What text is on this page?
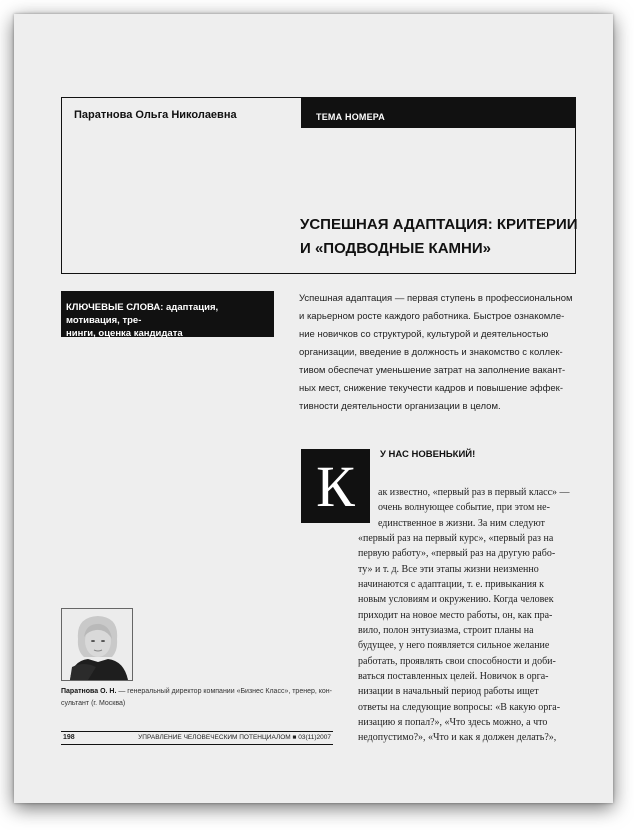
Паратнова Ольга Николаевна	ТЕМА НОМЕРА
УСПЕШНАЯ АДАПТАЦИЯ: КРИТЕРИИ
И «ПОДВОДНЫЕ КАМНИ»
КЛЮЧЕВЫЕ СЛОВА: адаптация, мотивация, тре-
нинги, оценка кандидата
Успешная адаптация — первая ступень в профессиональном
и карьерном росте каждого работника. Быстрое ознакомле-
ние новичков со структурой, культурой и деятельностью
организации, введение в должность и знакомство с коллек-
тивом обеспечат уменьшение затрат на заполнение вакант-
ных мест, снижение текучести кадров и повышение эффек-
тивности деятельности организации в целом.
К	У НАС НОВЕНЬКИЙ!
ак известно, «первый раз в первый класс» —
очень волнующее событие, при этом не-
единственное в жизни. За ним следуют
«первый раз на первый курс», «первый раз на
первую работу», «первый раз на другую рабо-
ту» и т. д. Все эти этапы жизни неизменно
начинаются с адаптации, т. е. привыкания к
новым условиям и окружению. Когда человек
приходит на новое место работы, он, как пра-
вило, полон энтузиазма, строит планы на
будущее, у него появляется сильное желание
работать, проявлять свои способности и доби-
ваться поставленных целей. Новичок в орга-
низации в начальный период работы ищет
ответы на следующие вопросы: «В какую орга-
низацию я попал?», «Что здесь можно, а что
недопустимо?», «Что и как я должен делать?»,
Паратнова О. Н. — генеральный директор компании «Бизнес Класс», тренер, кон-
сультант (г. Москва)
198	УПРАВЛЕНИЕ ЧЕЛОВЕЧЕСКИМ ПОТЕНЦИАЛОМ ■ 03(11)2007
